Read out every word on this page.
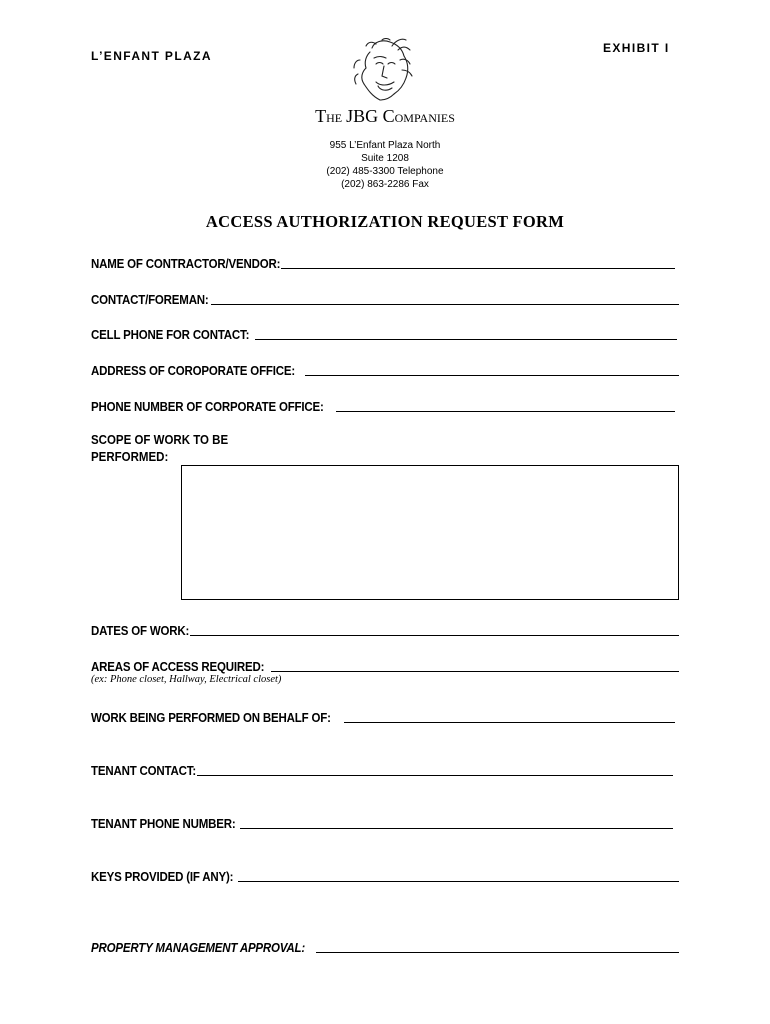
L’ENFANT PLAZA
EXHIBIT I
THE JBG COMPANIES
955 L’Enfant Plaza North
Suite 1208
(202) 485-3300 Telephone
(202) 863-2286 Fax
ACCESS AUTHORIZATION REQUEST FORM
NAME OF CONTRACTOR/VENDOR:
CONTACT/FOREMAN:
CELL PHONE FOR CONTACT:
ADDRESS OF COROPORATE OFFICE:
PHONE NUMBER OF CORPORATE OFFICE:
SCOPE OF WORK TO BE
PERFORMED:
DATES OF WORK:
AREAS OF ACCESS REQUIRED:
(ex: Phone closet, Hallway, Electrical closet)
WORK BEING PERFORMED ON BEHALF OF:
TENANT CONTACT:
TENANT PHONE NUMBER:
KEYS PROVIDED (IF ANY):
PROPERTY MANAGEMENT APPROVAL:
